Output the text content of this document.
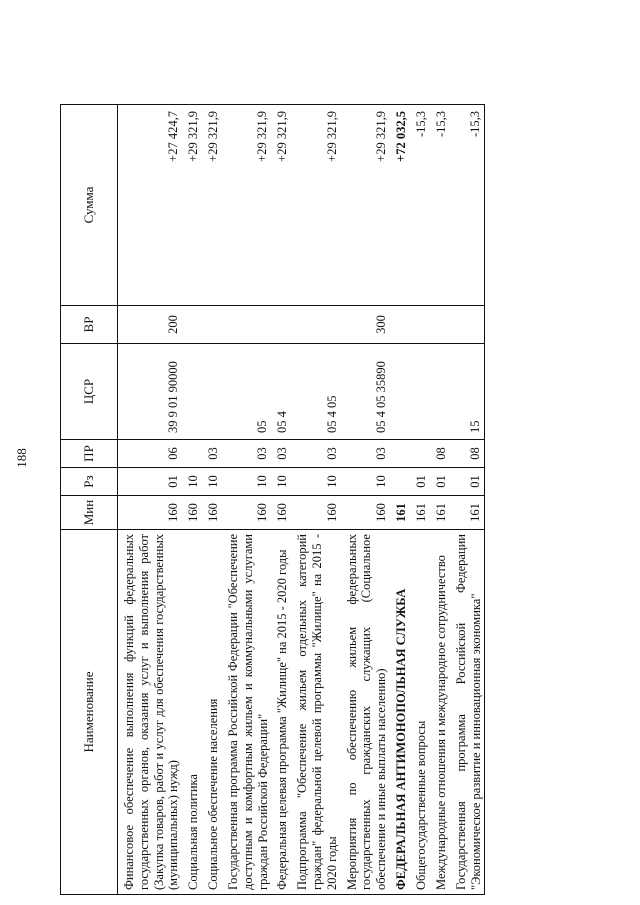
188
Наименование	Мин	Рз	ПР	ЦСР	ВР	Сумма
Финансовое обеспечение выполнения функций федеральных государственных органов, оказания услуг и выполнения работ (Закупка товаров, работ и услуг для обеспечения государственных (муниципальных) нужд)	160	01	06	39 9 01 90000	200	+27 424,7
Социальная политика	160	10				+29 321,9
Социальное обеспечение населения	160	10	03			+29 321,9
Государственная программа Российской Федерации "Обеспечение доступным и комфортным жильем и коммунальными услугами граждан Российской Федерации"	160	10	03	05		+29 321,9
Федеральная целевая программа "Жилище" на 2015 - 2020 годы	160	10	03	05 4		+29 321,9
Подпрограмма "Обеспечение жильем отдельных категорий граждан" федеральной целевой программы "Жилище" на 2015 - 2020 годы	160	10	03	05 4 05		+29 321,9
Мероприятия по обеспечению жильем федеральных государственных гражданских служащих (Социальное обеспечение и иные выплаты населению)	160	10	03	05 4 05 35890	300	+29 321,9
ФЕДЕРАЛЬНАЯ АНТИМОНОПОЛЬНАЯ СЛУЖБА	161					+72 032,5
Общегосударственные вопросы	161	01				-15,3
Международные отношения и международное сотрудничество	161	01	08			-15,3
Государственная программа Российской Федерации "Экономическое развитие и инновационная экономика"	161	01	08	15		-15,3
